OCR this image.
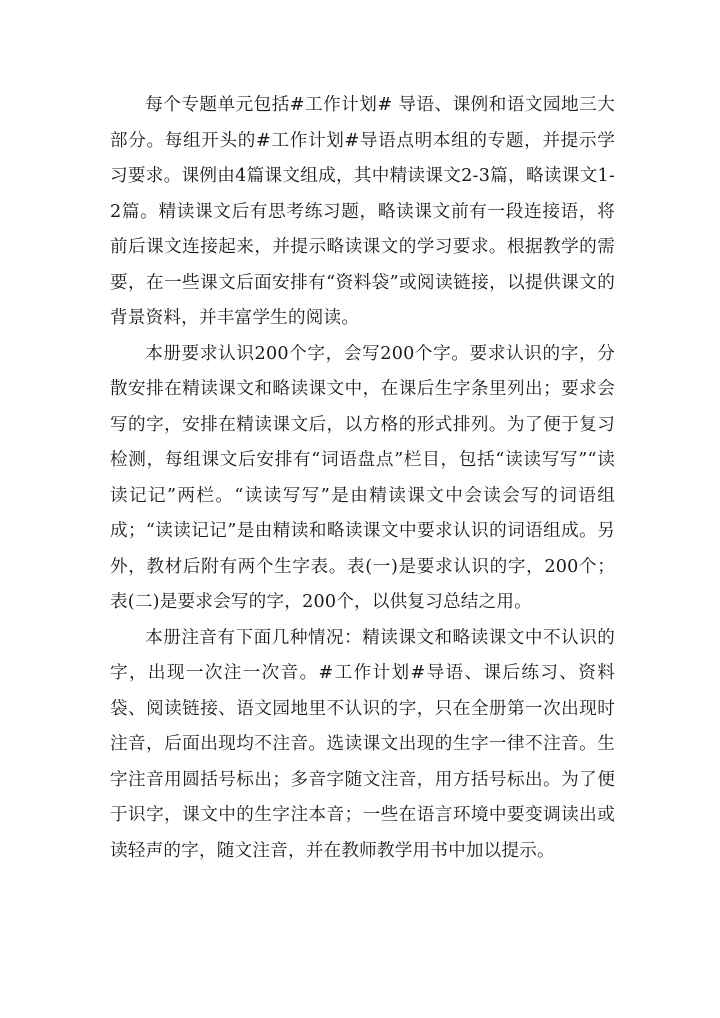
每个专题单元包括#工作计划# 导语、课例和语文园地三大部分。每组开头的#工作计划#导语点明本组的专题，并提示学习要求。课例由4篇课文组成，其中精读课文2-3篇，略读课文1-2篇。精读课文后有思考练习题，略读课文前有一段连接语，将前后课文连接起来，并提示略读课文的学习要求。根据教学的需要，在一些课文后面安排有“资料袋”或阅读链接，以提供课文的背景资料，并丰富学生的阅读。

本册要求认识200个字，会写200个字。要求认识的字，分散安排在精读课文和略读课文中，在课后生字条里列出；要求会写的字，安排在精读课文后，以方格的形式排列。为了便于复习检测，每组课文后安排有“词语盘点”栏目，包括“读读写写”“读读记记”两栏。“读读写写”是由精读课文中会读会写的词语组成；“读读记记”是由精读和略读课文中要求认识的词语组成。另外，教材后附有两个生字表。表(一)是要求认识的字，200个；表(二)是要求会写的字，200个，以供复习总结之用。

本册注音有下面几种情况：精读课文和略读课文中不认识的字，出现一次注一次音。#工作计划#导语、课后练习、资料袋、阅读链接、语文园地里不认识的字，只在全册第一次出现时注音，后面出现均不注音。选读课文出现的生字一律不注音。生字注音用圆括号标出；多音字随文注音，用方括号标出。为了便于识字，课文中的生字注本音；一些在语言环境中要变调读出或读轻声的字，随文注音，并在教师教学用书中加以提示。
